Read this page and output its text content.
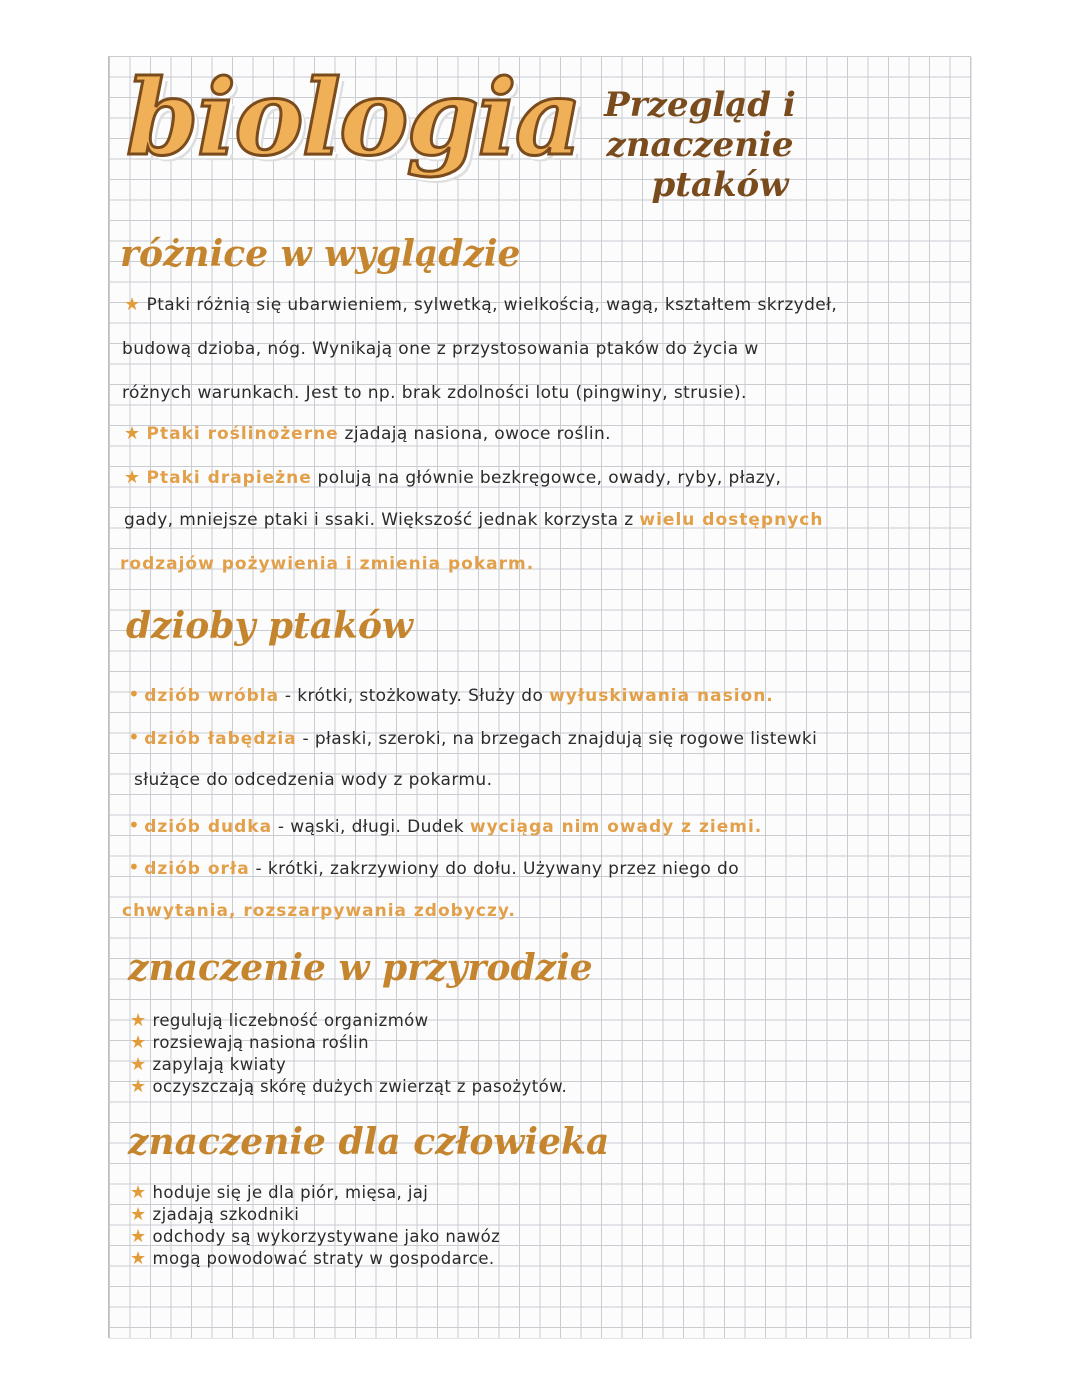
biologia Przegląd i
znaczenie
ptaków
różnice w wyglądzie
★ Ptaki różnią się ubarwieniem, sylwetką, wielkością, wagą, kształtem skrzydeł,
budową dzioba, nóg. Wynikają one z przystosowania ptaków do życia w
różnych warunkach. Jest to np. brak zdolności lotu (pingwiny, strusie).
★ Ptaki roślinożerne zjadają nasiona, owoce roślin.
★ Ptaki drapieżne polują na głównie bezkręgowce, owady, ryby, płazy,
gady, mniejsze ptaki i ssaki. Większość jednak korzysta z wielu dostępnych
rodzajów pożywienia i zmienia pokarm.
dzioby ptaków
• dziób wróbla - krótki, stożkowaty. Służy do wyłuskiwania nasion.
• dziób łabędzia - płaski, szeroki, na brzegach znajdują się rogowe listewki
służące do odcedzenia wody z pokarmu.
• dziób dudka - wąski, długi. Dudek wyciąga nim owady z ziemi.
• dziób orła - krótki, zakrzywiony do dołu. Używany przez niego do
chwytania, rozszarpywania zdobyczy.
znaczenie w przyrodzie
★ regulują liczebność organizmów
★ rozsiewają nasiona roślin
★ zapylają kwiaty
★ oczyszczają skórę dużych zwierząt z pasożytów.
znaczenie dla człowieka
★ hoduje się je dla piór, mięsa, jaj
★ zjadają szkodniki
★ odchody są wykorzystywane jako nawóz
★ mogą powodować straty w gospodarce.
